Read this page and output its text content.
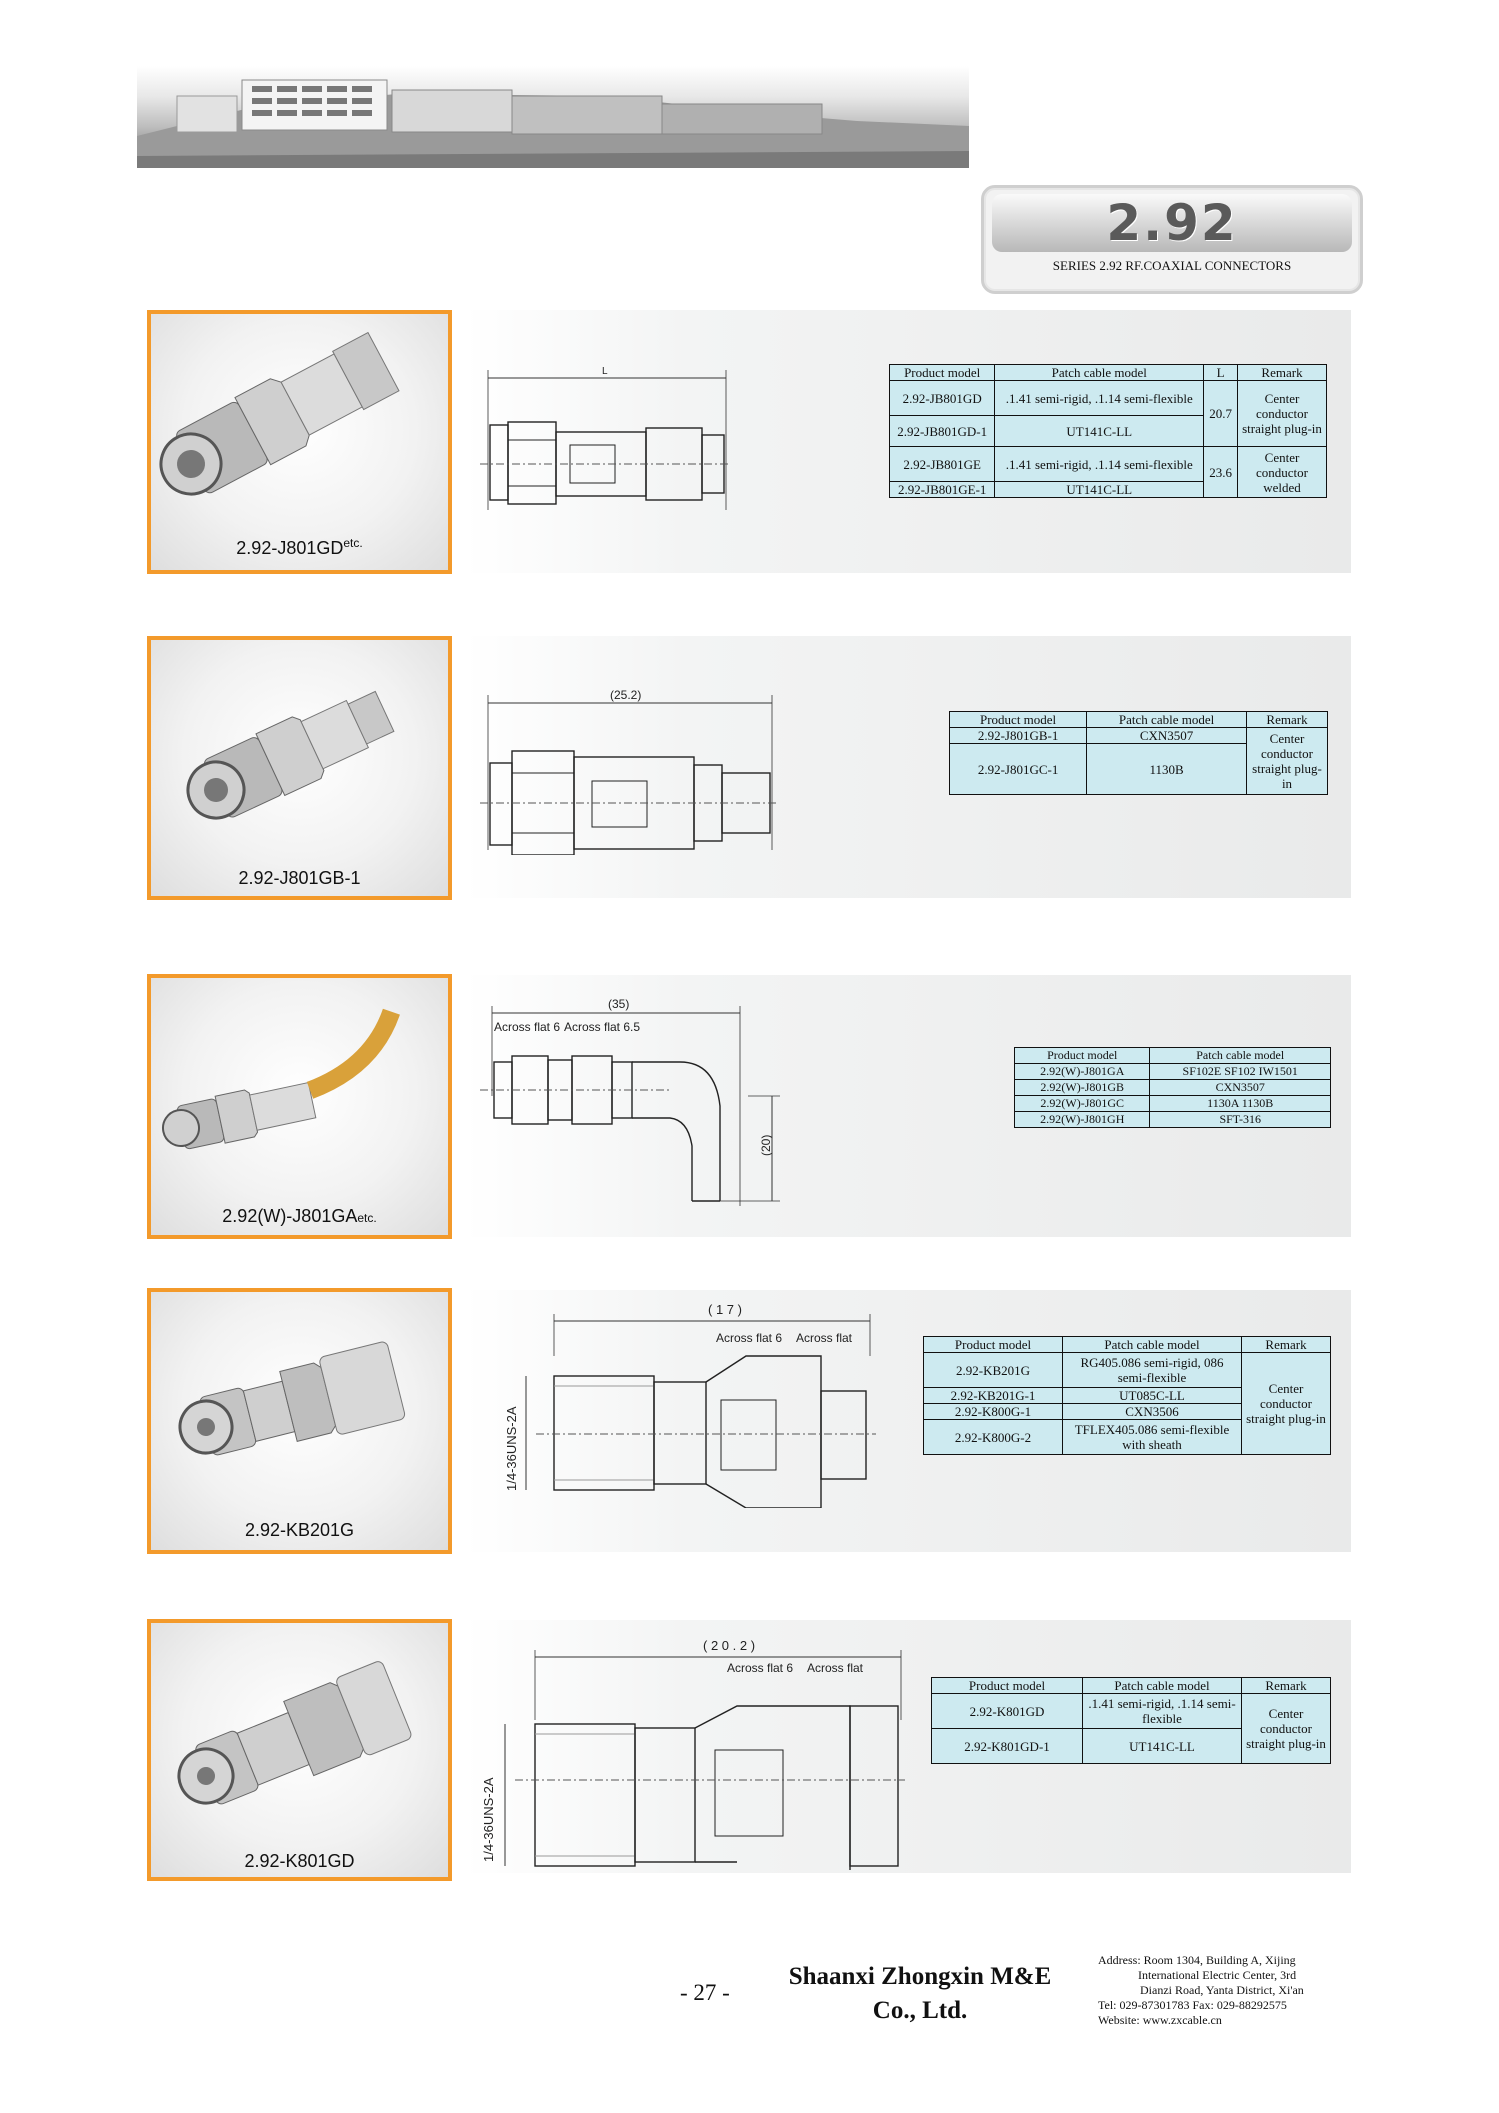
2.92
SERIES 2.92 RF.COAXIAL CONNECTORS
$2.92-J801GD^{etc.}$
L	Product model	Patch cable model	L	Remark
2.92-JB801GD	.1.41 semi-rigid, .1.14 semi-flexible	20.7	Center conductor straight plug-in
2.92-JB801GD-1	UT141C-LL		
2.92-JB801GE	.1.41 semi-rigid, .1.14 semi-flexible	23.6	Center conductor welded
2.92-JB801GE-1	UT141C-LL		
2.92-J801GB-1
(25.2)
Product model	Patch cable model	Remark
2.92-J801GB-1	CXN3507	Center conductor straight plug-in
2.92-J801GC-1	1130B	
2.92(W)-J801GAetc.
(35)
Across flat 6 Across flat 6.5
(20)
Product model	Patch cable model
2.92(W)-J801GA	SF102E SF102 IW1501
2.92(W)-J801GB	CXN3507
2.92(W)-J801GC	1130A 1130B
2.92(W)-J801GH	SFT-316
2.92-KB201G
( 1 7 )
Across flat 6 Across flat
1/4-36UNS-2A
Product model	Patch cable model	Remark
2.92-KB201G	RG405.086 semi-rigid, 086 semi-flexible	Center conductor straight plug-in
2.92-KB201G-1	UT085C-LL	
2.92-K800G-1	CXN3506	
2.92-K800G-2	TFLEX405.086 semi-flexible with sheath	
2.92-K801GD
( 2 0 . 2 )
Across flat 6 Across flat
1/4-36UNS-2A
Product model	Patch cable model	Remark
2.92-K801GD	.1.41 semi-rigid, .1.14 semi-flexible	Center conductor straight plug-in
2.92-K801GD-1	UT141C-LL	
- 27 -
Shaanxi Zhongxin M&E
Co., Ltd.
Address: Room 1304, Building A, Xijing
International Electric Center, 3rd
Dianzi Road, Yanta District, Xi'an
Tel: 029-87301783 Fax: 029-88292575
Website: www.zxcable.cn
